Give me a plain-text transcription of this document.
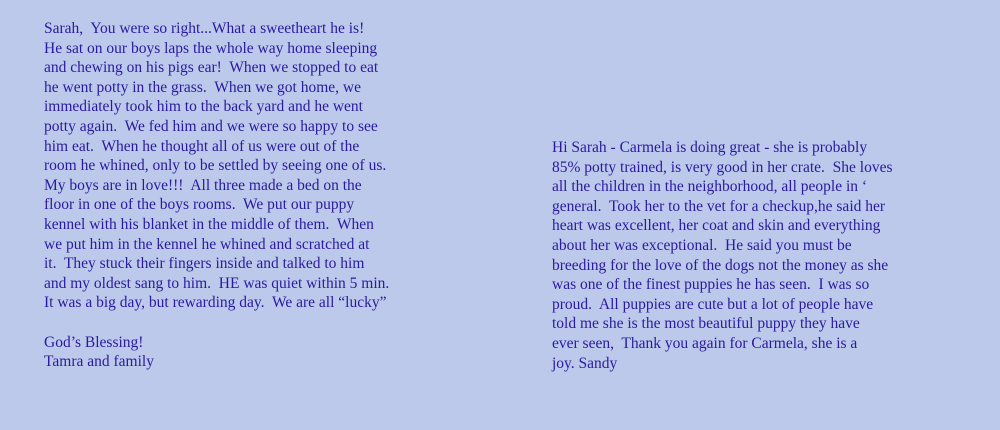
Sarah,  You were so right...What a sweetheart he is!
He sat on our boys laps the whole way home sleeping
and chewing on his pigs ear!  When we stopped to eat
he went potty in the grass.  When we got home, we
immediately took him to the back yard and he went
potty again.  We fed him and we were so happy to see
him eat.  When he thought all of us were out of the
room he whined, only to be settled by seeing one of us.
My boys are in love!!!  All three made a bed on the
floor in one of the boys rooms.  We put our puppy
kennel with his blanket in the middle of them.  When
we put him in the kennel he whined and scratched at
it.  They stuck their fingers inside and talked to him
and my oldest sang to him.  HE was quiet within 5 min.
It was a big day, but rewarding day.  We are all “lucky”
God’s Blessing!
Tamra and family
Hi Sarah - Carmela is doing great - she is probably
85% potty trained, is very good in her crate.  She loves
all the children in the neighborhood, all people in ‘
general.  Took her to the vet for a checkup,he said her
heart was excellent, her coat and skin and everything
about her was exceptional.  He said you must be
breeding for the love of the dogs not the money as she
was one of the finest puppies he has seen.  I was so
proud.  All puppies are cute but a lot of people have
told me she is the most beautiful puppy they have
ever seen,  Thank you again for Carmela, she is a
joy. Sandy
